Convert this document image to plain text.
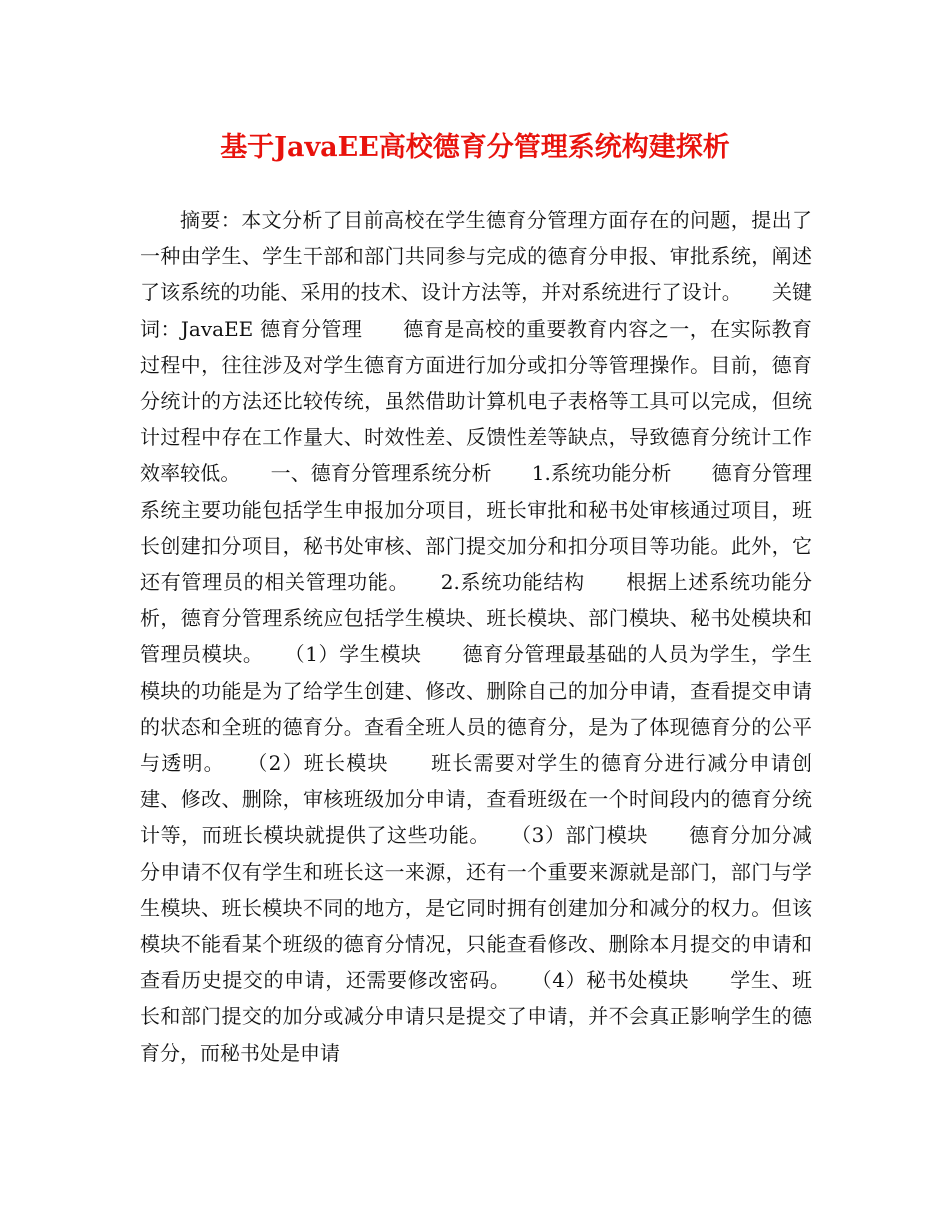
基于JavaEE高校德育分管理系统构建探析

摘要：本文分析了目前高校在学生德育分管理方面存在的问题，提出了一种由学生、学生干部和部门共同参与完成的德育分申报、审批系统，阐述了该系统的功能、采用的技术、设计方法等，并对系统进行了设计。　　关键词：JavaEE 德育分管理　　德育是高校的重要教育内容之一，在实际教育过程中，往往涉及对学生德育方面进行加分或扣分等管理操作。目前，德育分统计的方法还比较传统，虽然借助计算机电子表格等工具可以完成，但统计过程中存在工作量大、时效性差、反馈性差等缺点，导致德育分统计工作效率较低。　　一、德育分管理系统分析　　1.系统功能分析　　德育分管理系统主要功能包括学生申报加分项目，班长审批和秘书处审核通过项目，班长创建扣分项目，秘书处审核、部门提交加分和扣分项目等功能。此外，它还有管理员的相关管理功能。　　2.系统功能结构　　根据上述系统功能分析，德育分管理系统应包括学生模块、班长模块、部门模块、秘书处模块和管理员模块。　　（1）学生模块　　德育分管理最基础的人员为学生，学生模块的功能是为了给学生创建、修改、删除自己的加分申请，查看提交申请的状态和全班的德育分。查看全班人员的德育分，是为了体现德育分的公平与透明。　　（2）班长模块　　班长需要对学生的德育分进行减分申请创建、修改、删除，审核班级加分申请，查看班级在一个时间段内的德育分统计等，而班长模块就提供了这些功能。　　（3）部门模块　　德育分加分减分申请不仅有学生和班长这一来源，还有一个重要来源就是部门，部门与学生模块、班长模块不同的地方，是它同时拥有创建加分和减分的权力。但该模块不能看某个班级的德育分情况，只能查看修改、删除本月提交的申请和查看历史提交的申请，还需要修改密码。　　（4）秘书处模块　　学生、班长和部门提交的加分或减分申请只是提交了申请，并不会真正影响学生的德育分，而秘书处是申请
